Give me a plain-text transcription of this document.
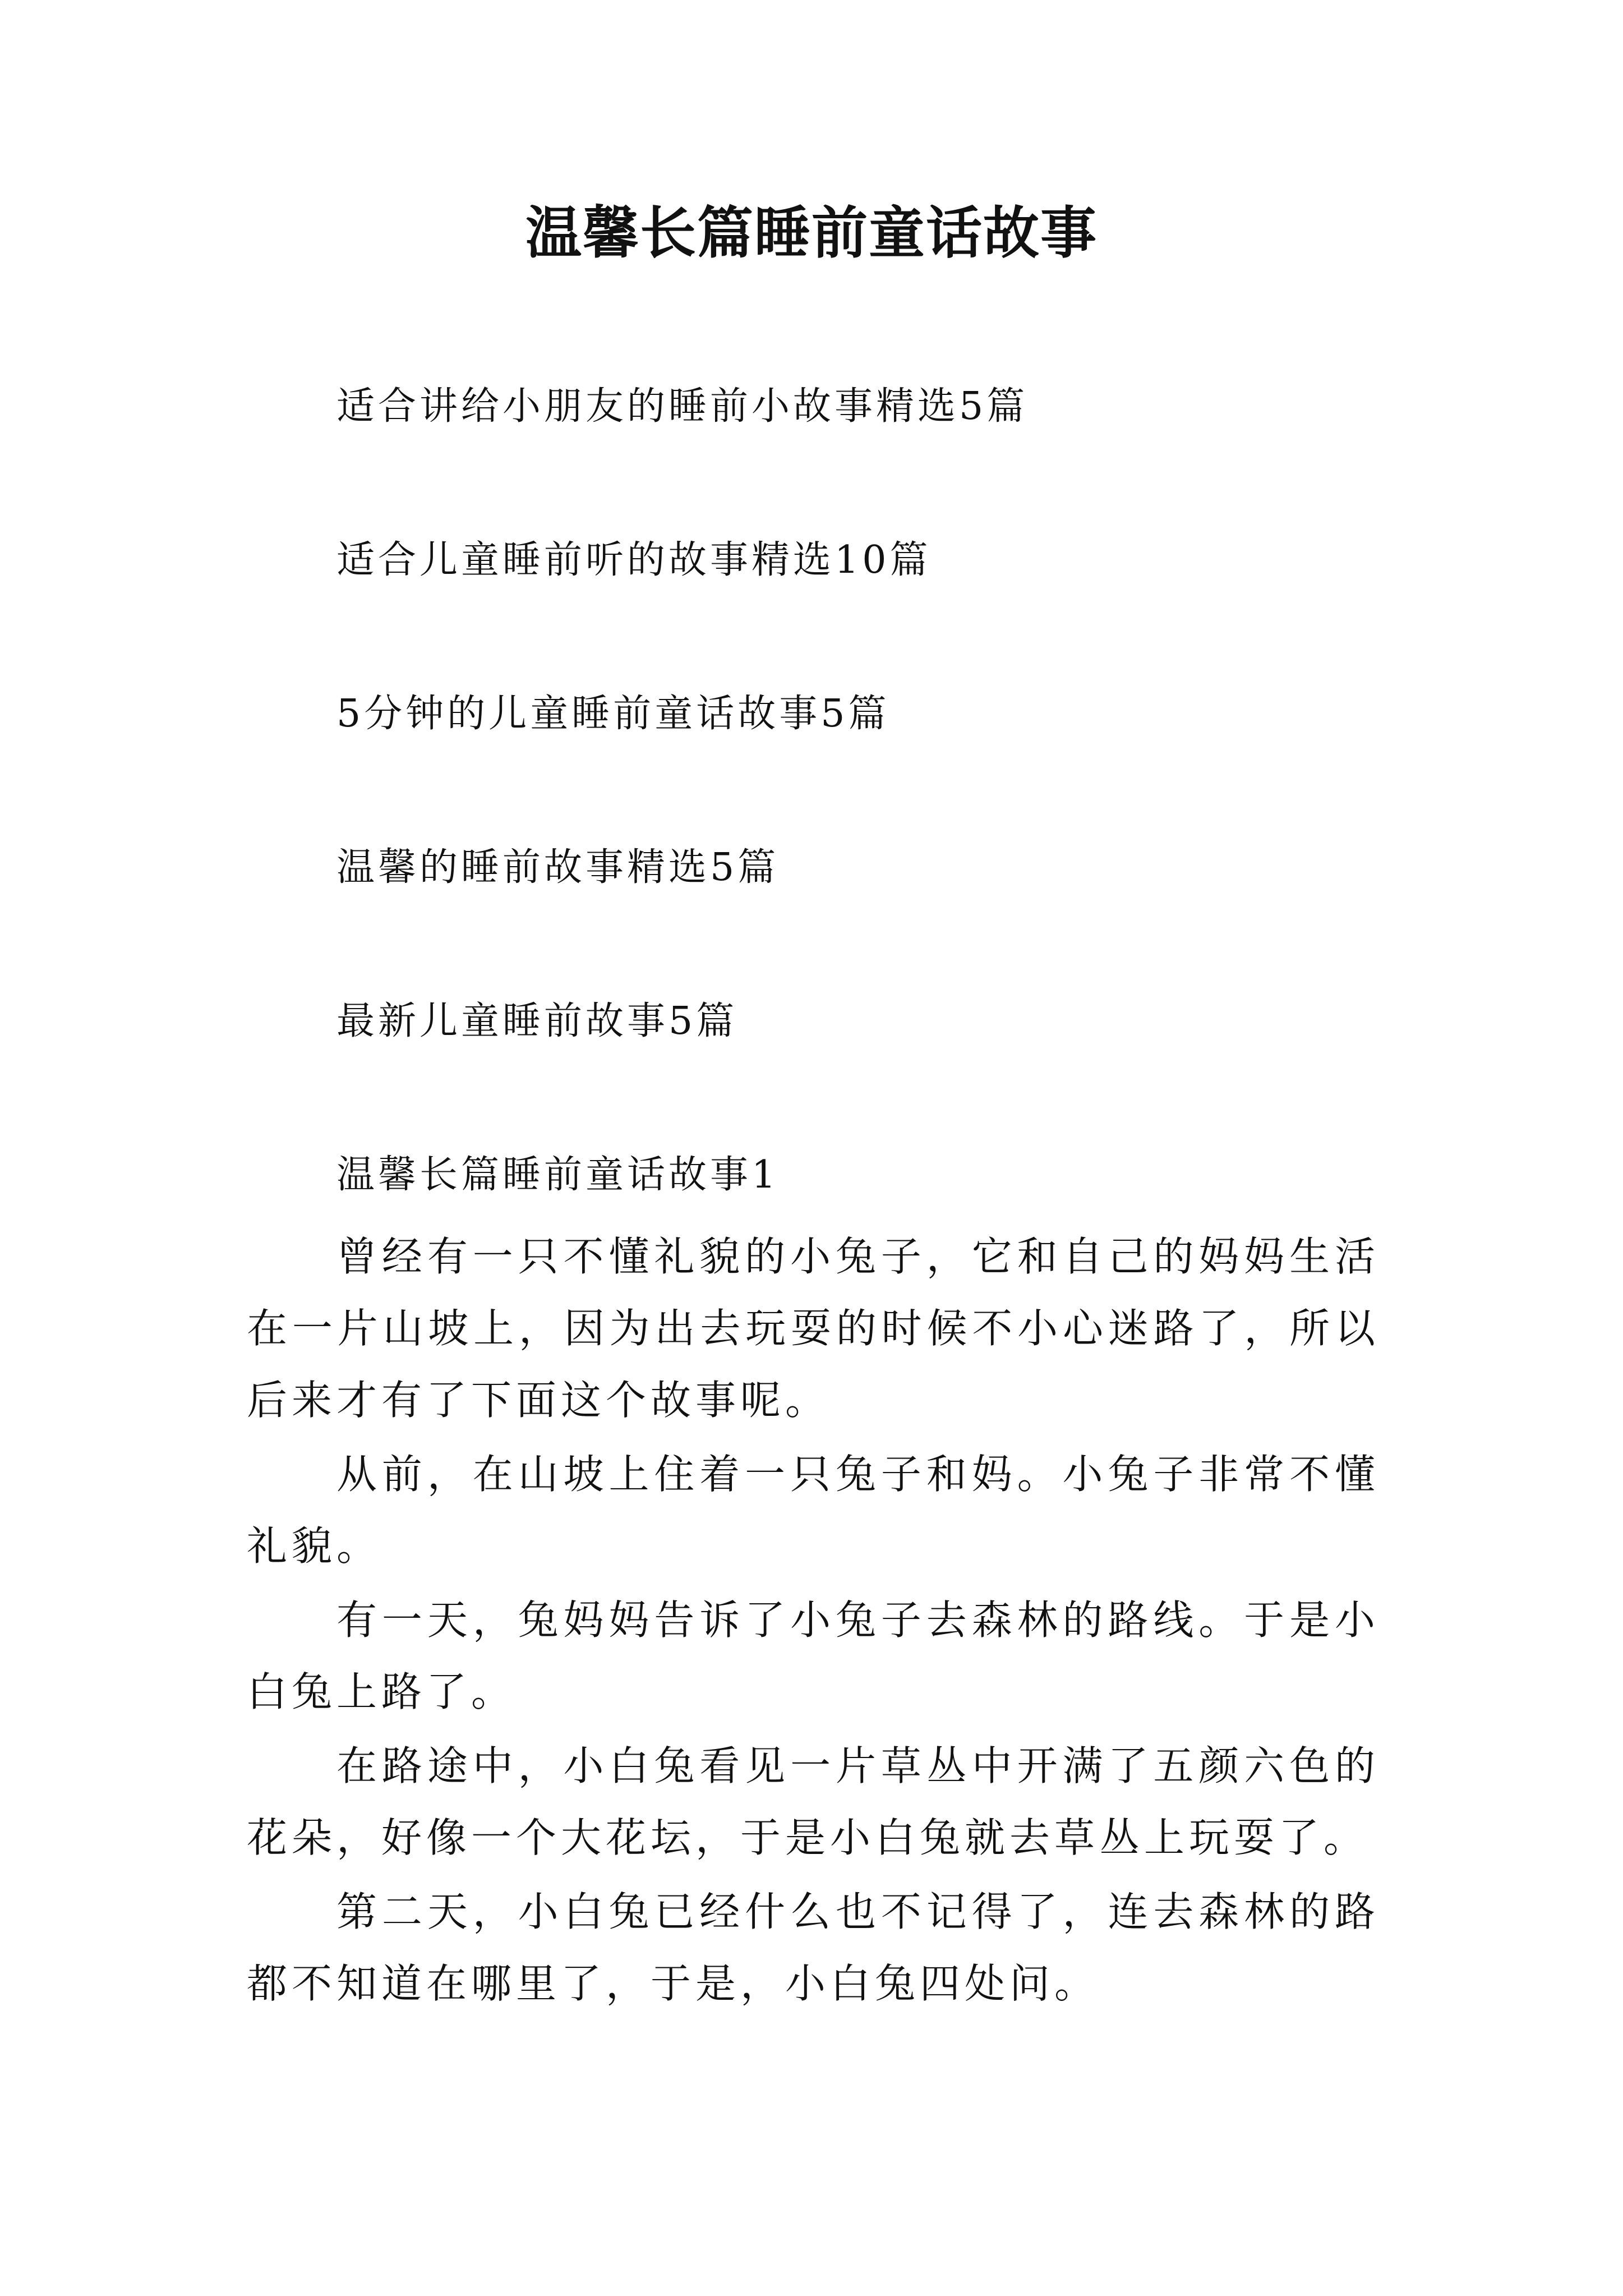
温馨长篇睡前童话故事
适合讲给小朋友的睡前小故事精选5篇
适合儿童睡前听的故事精选10篇
5分钟的儿童睡前童话故事5篇
温馨的睡前故事精选5篇
最新儿童睡前故事5篇
温馨长篇睡前童话故事1

曾经有一只不懂礼貌的小兔子，它和自己的妈妈生活在一片山坡上，因为出去玩耍的时候不小心迷路了，所以后来才有了下面这个故事呢。

从前，在山坡上住着一只兔子和妈。小兔子非常不懂礼貌。

有一天，兔妈妈告诉了小兔子去森林的路线。于是小白兔上路了。

在路途中，小白兔看见一片草丛中开满了五颜六色的花朵，好像一个大花坛，于是小白兔就去草丛上玩耍了。

第二天，小白兔已经什么也不记得了，连去森林的路都不知道在哪里了，于是，小白兔四处问。
